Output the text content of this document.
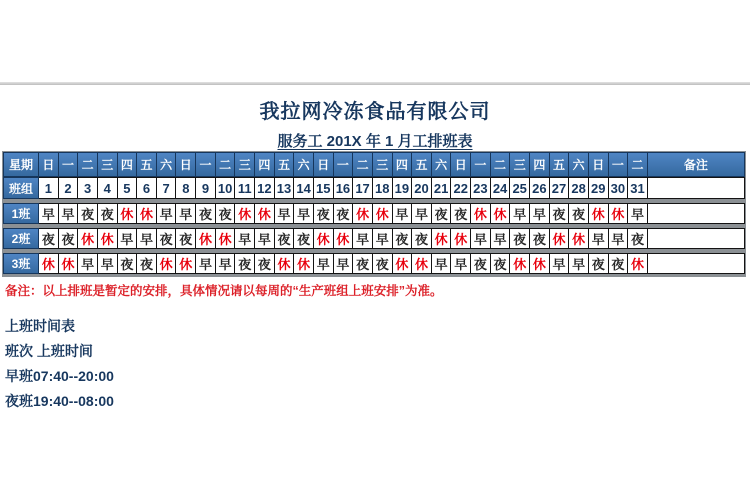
我拉网冷冻食品有限公司
服务工 201X 年 1 月工排班表
星期 日 一 二 三 四 五 六 日 一 二 三 四 五 六 日 一 二 三 四 五 六 日 一 二 三 四 五 六 日 一 二	备注
班组 1 2 3 4 5 6 7 8 9 10 11 12 13 14 15 16 17 18 19 20 21 22 23 24 25 26 27 28 29 30 31
1班 早 早 夜 夜 休 休 早 早 夜 夜 休 休 早 早 夜 夜 休 休 早 早 夜 夜 休 休 早 早 夜 夜 休 休 早
2班 夜 夜 休 休 早 早 夜 夜 休 休 早 早 夜 夜 休 休 早 早 夜 夜 休 休 早 早 夜 夜 休 休 早 早 夜
3班 休 休 早 早 夜 夜 休 休 早 早 夜 夜 休 休 早 早 夜 夜 休 休 早 早 夜 夜 休 休 早 早 夜 夜 休
备注：以上排班是暂定的安排，具体情况请以每周的“生产班组上班安排”为准。
上班时间表
班次 上班时间
早班07:40--20:00
夜班19:40--08:00
